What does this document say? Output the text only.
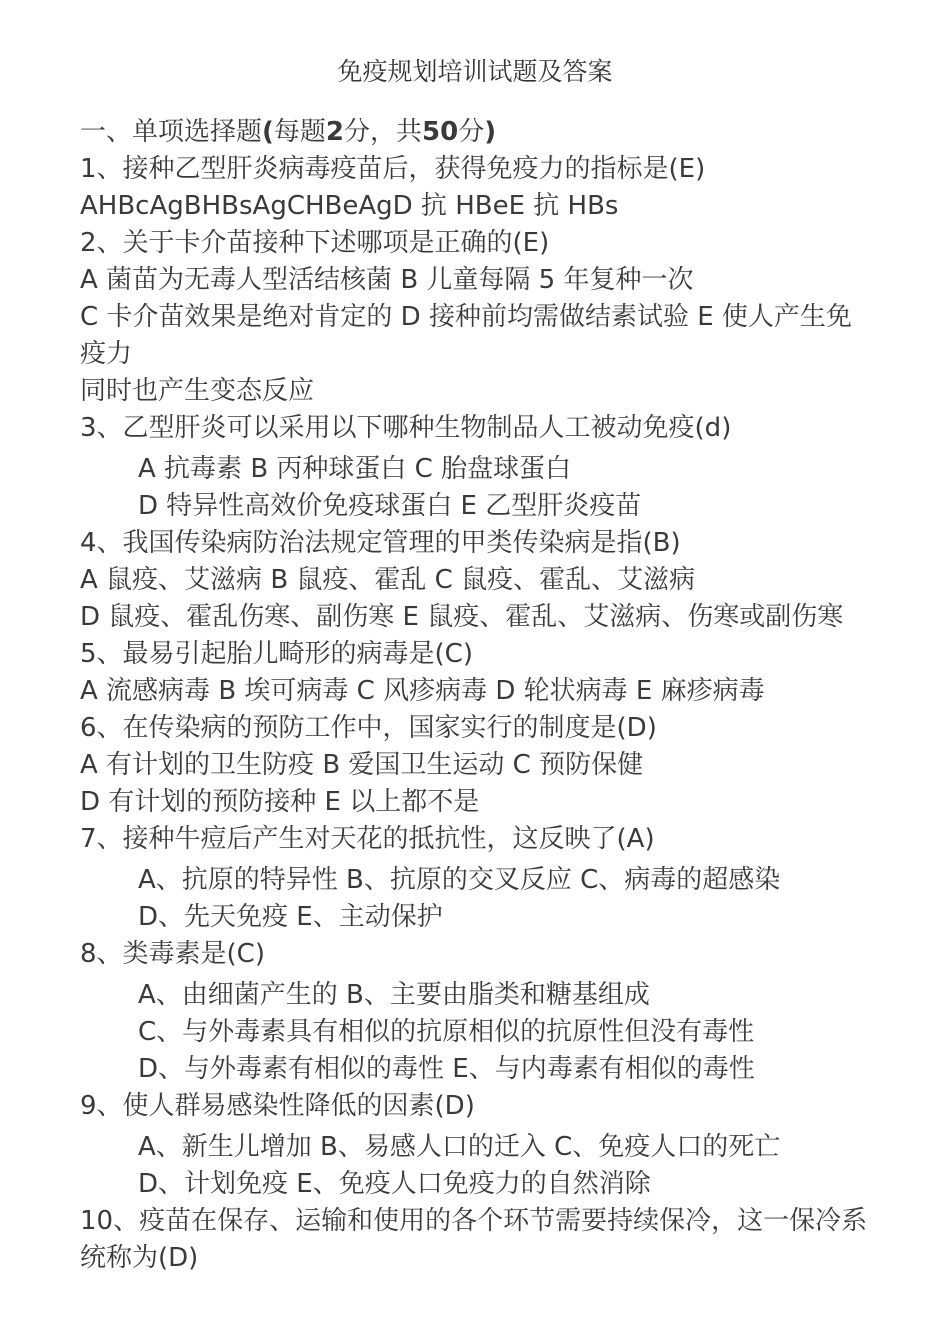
免疫规划培训试题及答案

一、单项选择题(每题2分，共50分)

1、接种乙型肝炎病毒疫苗后，获得免疫力的指标是(E)

AHBcAgBHBsAgCHBeAgD 抗 HBeE 抗 HBs

2、关于卡介苗接种下述哪项是正确的(E)

A 菌苗为无毒人型活结核菌 B 儿童每隔 5 年复种一次

C 卡介苗效果是绝对肯定的 D 接种前均需做结素试验 E 使人产生免疫力

同时也产生变态反应

3、乙型肝炎可以采用以下哪种生物制品人工被动免疫(d)

A 抗毒素 B 丙种球蛋白 C 胎盘球蛋白

D 特异性高效价免疫球蛋白 E 乙型肝炎疫苗

4、我国传染病防治法规定管理的甲类传染病是指(B)

A 鼠疫、艾滋病 B 鼠疫、霍乱 C 鼠疫、霍乱、艾滋病

D 鼠疫、霍乱伤寒、副伤寒 E 鼠疫、霍乱、艾滋病、伤寒或副伤寒

5、最易引起胎儿畸形的病毒是(C)

A 流感病毒 B 埃可病毒 C 风疹病毒 D 轮状病毒 E 麻疹病毒

6、在传染病的预防工作中，国家实行的制度是(D)

A 有计划的卫生防疫 B 爱国卫生运动 C 预防保健

D 有计划的预防接种 E 以上都不是

7、接种牛痘后产生对天花的抵抗性，这反映了(A)

A、抗原的特异性 B、抗原的交叉反应 C、病毒的超感染

D、先天免疫 E、主动保护

8、类毒素是(C)

A、由细菌产生的 B、主要由脂类和糖基组成

C、与外毒素具有相似的抗原相似的抗原性但没有毒性

D、与外毒素有相似的毒性 E、与内毒素有相似的毒性

9、使人群易感染性降低的因素(D)

A、新生儿增加 B、易感人口的迁入 C、免疫人口的死亡

D、计划免疫 E、免疫人口免疫力的自然消除

10、疫苗在保存、运输和使用的各个环节需要持续保冷，这一保冷系统称为(D)
